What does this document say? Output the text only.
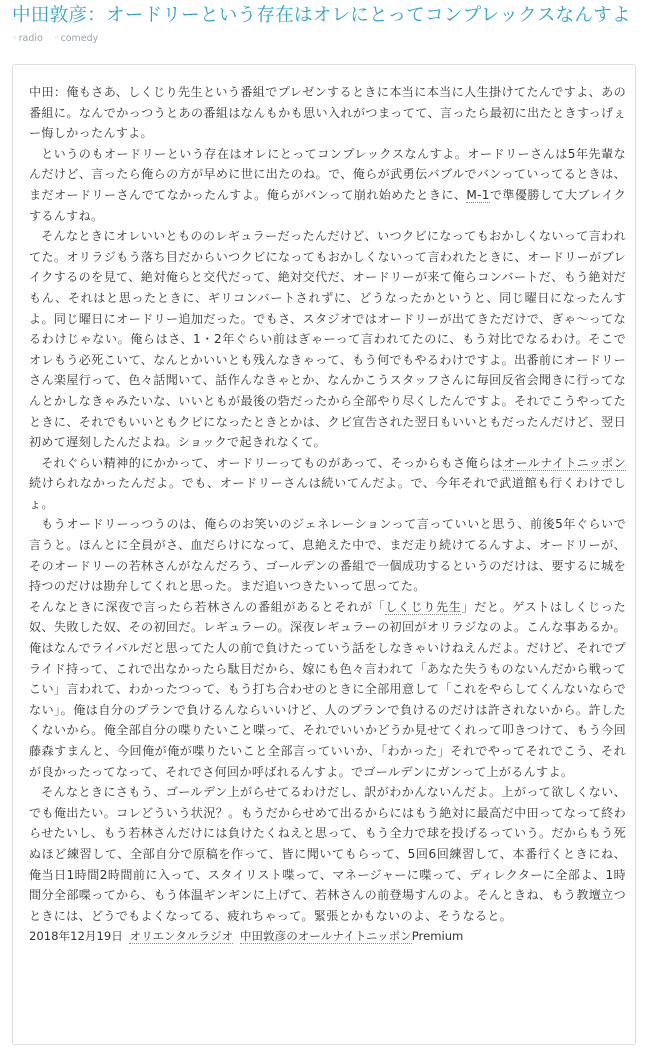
中田敦彦：オードリーという存在はオレにとってコンプレックスなんすよ
◦radio ◦comedy

中田：俺もさあ、しくじり先生という番組でプレゼンするときに本当に本当に人生掛けてたんですよ、あの番組に。なんでかっつうとあの番組はなんもかも思い入れがつまってて、言ったら最初に出たときすっげぇー悔しかったんすよ。

というのもオードリーという存在はオレにとってコンプレックスなんすよ。オードリーさんは5年先輩なんだけど、言ったら俺らの方が早めに世に出たのね。で、俺らが武勇伝バブルでバンっていってるときは、まだオードリーさんでてなかったんすよ。俺らがバンって崩れ始めたときに、M-1で準優勝して大ブレイクするんすね。

そんなときにオレいいともののレギュラーだったんだけど、いつクビになってもおかしくないって言われてた。オリラジもう落ち目だからいつクビになってもおかしくないって言われたときに、オードリーがブレイクするのを見て、絶対俺らと交代だって、絶対交代だ、オードリーが来て俺らコンバートだ、もう絶対だもん、それはと思ったときに、ギリコンバートされずに、どうなったかというと、同じ曜日になったんすよ。同じ曜日にオードリー追加だった。でもさ、スタジオではオードリーが出てきただけで、ぎゃ〜ってなるわけじゃない。俺らはさ、1・2年ぐらい前はぎゃーって言われてたのに、もう対比でなるわけ。そこでオレもう必死こいて、なんとかいいとも残んなきゃって、もう何でもやるわけですよ。出番前にオードリーさん楽屋行って、色々話聞いて、話作んなきゃとか、なんかこうスタッフさんに毎回反省会聞きに行ってなんとかしなきゃみたいな、いいともが最後の砦だったから全部やり尽くしたんですよ。それでこうやってたときに、それでもいいともクビになったときとかは、クビ宣告された翌日もいいともだったんだけど、翌日初めて遅刻したんだよね。ショックで起きれなくて。

それぐらい精神的にかかって、オードリーってものがあって、そっからもさ俺らはオールナイトニッポン続けられなかったんだよ。でも、オードリーさんは続いてんだよ。で、今年それで武道館も行くわけでしょ。

もうオードリーっつうのは、俺らのお笑いのジェネレーションって言っていいと思う、前後5年ぐらいで言うと。ほんとに全員がさ、血だらけになって、息絶えた中で、まだ走り続けてるんすよ、オードリーが、そのオードリーの若林さんがなんだろう、ゴールデンの番組で一個成功するというのだけは、要するに城を持つのだけは勘弁してくれと思った。まだ追いつきたいって思ってた。

そんなときに深夜で言ったら若林さんの番組があるとそれが「しくじり先生」だと。ゲストはしくじった奴、失敗した奴、その初回だ。レギュラーの。深夜レギュラーの初回がオリラジなのよ。こんな事あるか。俺はなんでライバルだと思ってた人の前で負けたっていう話をしなきゃいけねえんだよ。だけど、それでプライド持って、これで出なかったら駄目だから、嫁にも色々言われて「あなた失うものないんだから戦ってこい」言われて、わかったつって、もう打ち合わせのときに全部用意して「これをやらしてくんないならでない」。俺は自分のプランで負けるんならいいけど、人のプランで負けるのだけは許されないから。許したくないから。俺全部自分の喋りたいこと喋って、それでいいかどうか見せてくれって叩きつけて、もう今回藤森すまんと、今回俺が俺が喋りたいこと全部言っていいか、「わかった」それでやってそれでこう、それが良かったってなって、それでさ何回か呼ばれるんすよ。でゴールデンにガンって上がるんすよ。

そんなときにさもう、ゴールデン上がらせてるわけだし、訳がわかんないんだよ。上がって欲しくない、でも俺出たい。コレどういう状況？。もうだからせめて出るからにはもう絶対に最高だ中田ってなって終わらせたいし、もう若林さんだけには負けたくねえと思って、もう全力で球を投げるっていう。だからもう死ぬほど練習して、全部自分で原稿を作って、皆に聞いてもらって、5回6回練習して、本番行くときにね、俺当日1時間2時間前に入って、スタイリスト喋って、マネージャーに喋って、ディレクターに全部よ、1時間分全部喋ってから、もう体温ギンギンに上げて、若林さんの前登場すんのよ。そんときね、もう教壇立つときには、どうでもよくなってる、疲れちゃって。緊張とかもないのよ、そうなると。

2018年12月19日 オリエンタルラジオ 中田敦彦のオールナイトニッポンPremium
